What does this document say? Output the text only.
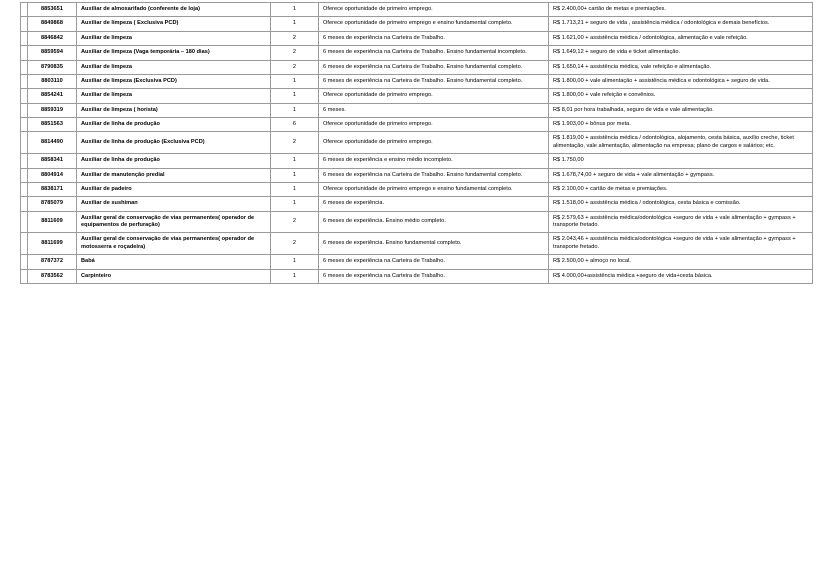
	8853651	Auxiliar de almoxarifado (conferente de loja)	1	Oferece oportunidade de primeiro emprego.	R$ 2.400,00+ cartão de metas e premiações.
	8849868	Auxiliar de limpeza ( Exclusiva PCD)	1	Oferece oportunidade de primeiro emprego e ensino fundamental completo.	R$ 1.713,21 + seguro de vida , assistência médica / odontológica e demais benefícios.
	8846842	Auxiliar de limpeza	2	6 meses de experiência na Carteira de Trabalho.	R$ 1.621,00 + assistência médica / odontológica, alimentação e vale refeição.
	8859594	Auxiliar de limpeza (Vaga temporária – 180 dias)	2	6 meses de experiência na Carteira de Trabalho. Ensino fundamental incompleto.	R$ 1.649,12 + seguro de vida e ticket alimentação.
	8790835	Auxiliar de limpeza	2	6 meses de experiência na Carteira de Trabalho. Ensino fundamental completo.	R$ 1.650,14 + assistência médica, vale refeição e alimentação.
	8803110	Auxiliar de limpeza (Exclusiva PCD)	1	6 meses de experiência na Carteira de Trabalho. Ensino fundamental completo.	R$ 1.800,00 + vale alimentação + assistência médica e odontológica + seguro de vida.
	8854241	Auxiliar de limpeza	1	Oferece oportunidade de primeiro emprego.	R$ 1.800,00 + vale refeição e convênios.
	8859319	Auxiliar de limpeza ( horista)	1	6 meses.	R$ 8,01 por hora trabalhada, seguro de vida e vale alimentação.
	8851563	Auxiliar de linha de produção	6	Oferece oportunidade de primeiro emprego.	R$ 1.903,00 + bônus por meta.
	8814490	Auxiliar de linha de produção (Exclusiva PCD)	2	Oferece oportunidade de primeiro emprego.	R$ 1.819,00 + assistência médica / odontológica, alojamento, cesta básica, auxílio creche, ticket alimentação, vale alimentação, alimentação na empresa; plano de cargos e salários; etc.
	8858341	Auxiliar de linha de produção	1	6 meses de experiência e ensino médio incompleto.	R$ 1.750,00
	8804914	Auxiliar de manutenção predial	1	6 meses de experiência na Carteira de Trabalho. Ensino fundamental completo.	R$ 1.678,74,00 + seguro de vida + vale alimentação + gympass.
	8838171	Auxiliar de padeiro	1	Oferece oportunidade de primeiro emprego e ensino fundamental completo.	R$ 2.100,00 + cartão de metas e premiações.
	8785079	Auxiliar de sushiman	1	6 meses de experiência.	R$ 1.518,00 + assistência médica / odontológica, cesta básica e comissão.
	8811609	Auxiliar geral de conservação de vias permanentes( operador de equipamentos de perfuração)	2	6 meses de experiência. Ensino médio completo.	R$ 2.579,63 + assistência médica/odontológica +seguro de vida + vale alimentação + gympass + transporte fretado.
	8811699	Auxiliar geral de conservação de vias permanentes( operador de motosserra e roçadeira)	2	6 meses de experiência. Ensino fundamental completo.	R$ 2.043,46 + assistência médica/odontológica +seguro de vida + vale alimentação + gympass + transporte fretado.
	8787372	Babá	1	6 meses de experiência na Carteira de Trabalho.	R$ 2.500,00 + almoço no local.
	8783562	Carpinteiro	1	6 meses de experiência na Carteira de Trabalho.	R$ 4.000,00+assistência médica +seguro de vida+cesta básica.
